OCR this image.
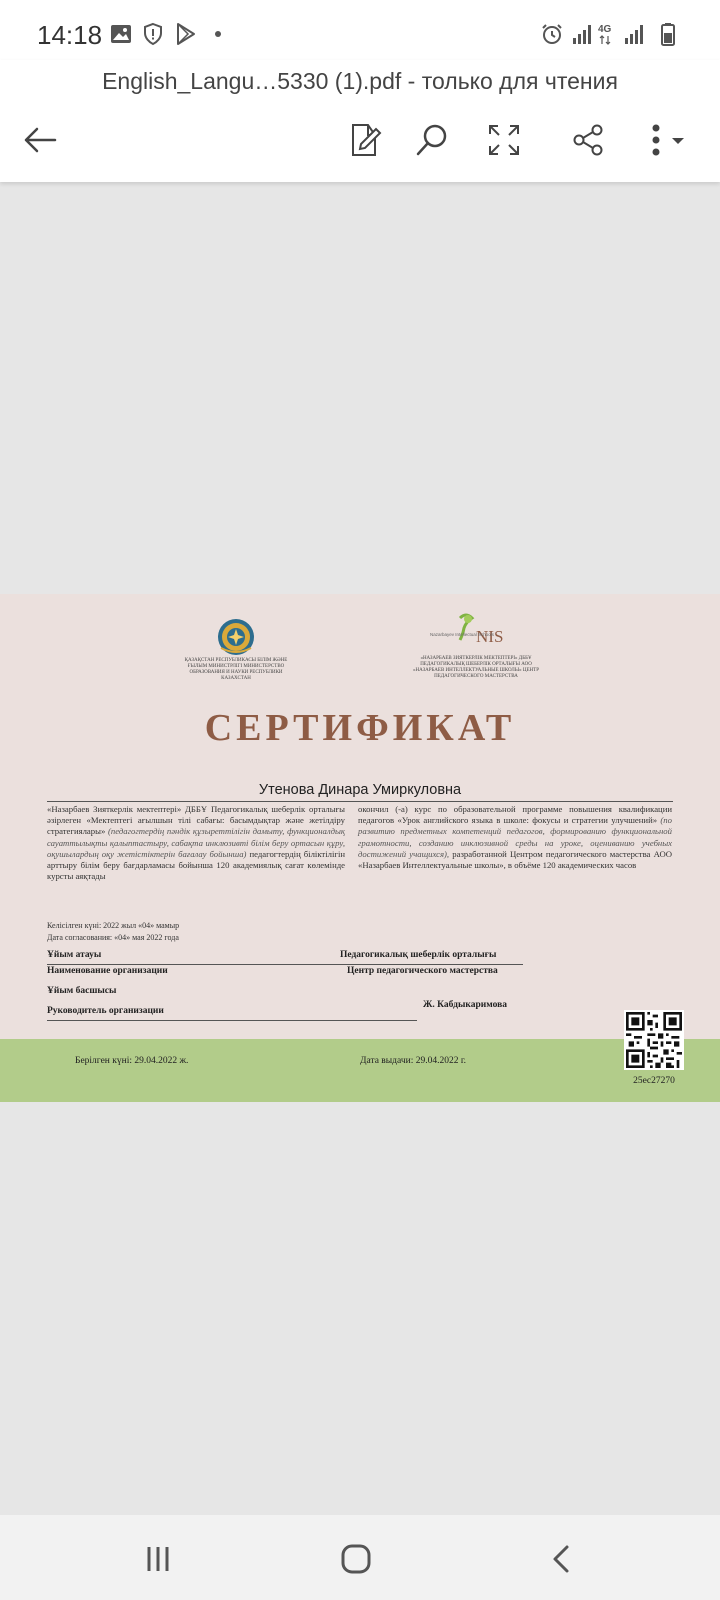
14:18	4G
English_Langu…5330 (1).pdf - только для чтения
ҚАЗАҚСТАН РЕСПУБЛИКАСЫ БІЛІМ ЖӘНЕ ҒЫЛЫМ МИНИСТРЛІГІ МИНИСТЕРСТВО ОБРАЗОВАНИЯ И НАУКИ РЕСПУБЛИКИ КАЗАХСТАН
NIS
Nazarbayev Intellectual Schools
«НАЗАРБАЕВ ЗИЯТКЕРЛІК МЕКТЕПТЕРІ» ДББҰ ПЕДАГОГИКАЛЫҚ ШЕБЕРЛІК ОРТАЛЫҒЫ АОО «НАЗАРБАЕВ ИНТЕЛЛЕКТУАЛЬНЫЕ ШКОЛЫ» ЦЕНТР ПЕДАГОГИЧЕСКОГО МАСТЕРСТВА
СЕРТИФИКАТ
Утенова Динара Умиркуловна
«Назарбаев Зияткерлік мектептері» ДББҰ Педагогикалық шеберлік орталығы әзірлеген «Мектептегі ағылшын тілі сабағы: басымдықтар және жетілдіру стратегиялары» (педагогтердің пәндік құзыреттілігін дамыту, функционалдық сауаттылықты қалыптастыру, сабақта инклюзивті білім беру ортасын құру, оқушылардың оқу жетістіктерін бағалау бойынша) педагогтердің біліктілігін арттыру білім беру бағдарламасы бойынша 120 академиялық сағат көлемінде курсты аяқтады
окончил (-а) курс по образовательной программе повышения квалификации педагогов «Урок английского языка в школе: фокусы и стратегии улучшений» (по развитию предметных компетенций педагогов, формированию функциональной грамотности, созданию инклюзивной среды на уроке, оцениванию учебных достижений учащихся), разработанной Центром педагогического мастерства АОО «Назарбаев Интеллектуальные школы», в объёме 120 академических часов
Келісілген күні: 2022 жыл «04» мамыр
Дата согласования: «04» мая 2022 года
Ұйым атауы	Педагогикалық шеберлік орталығы
Наименование организации	Центр педагогического мастерства
Ұйым басшысы
Руководитель организации
Ж. Кабдыкаримова
Берілген күні: 29.04.2022 ж.	Дата выдачи: 29.04.2022 г.
25ec27270
